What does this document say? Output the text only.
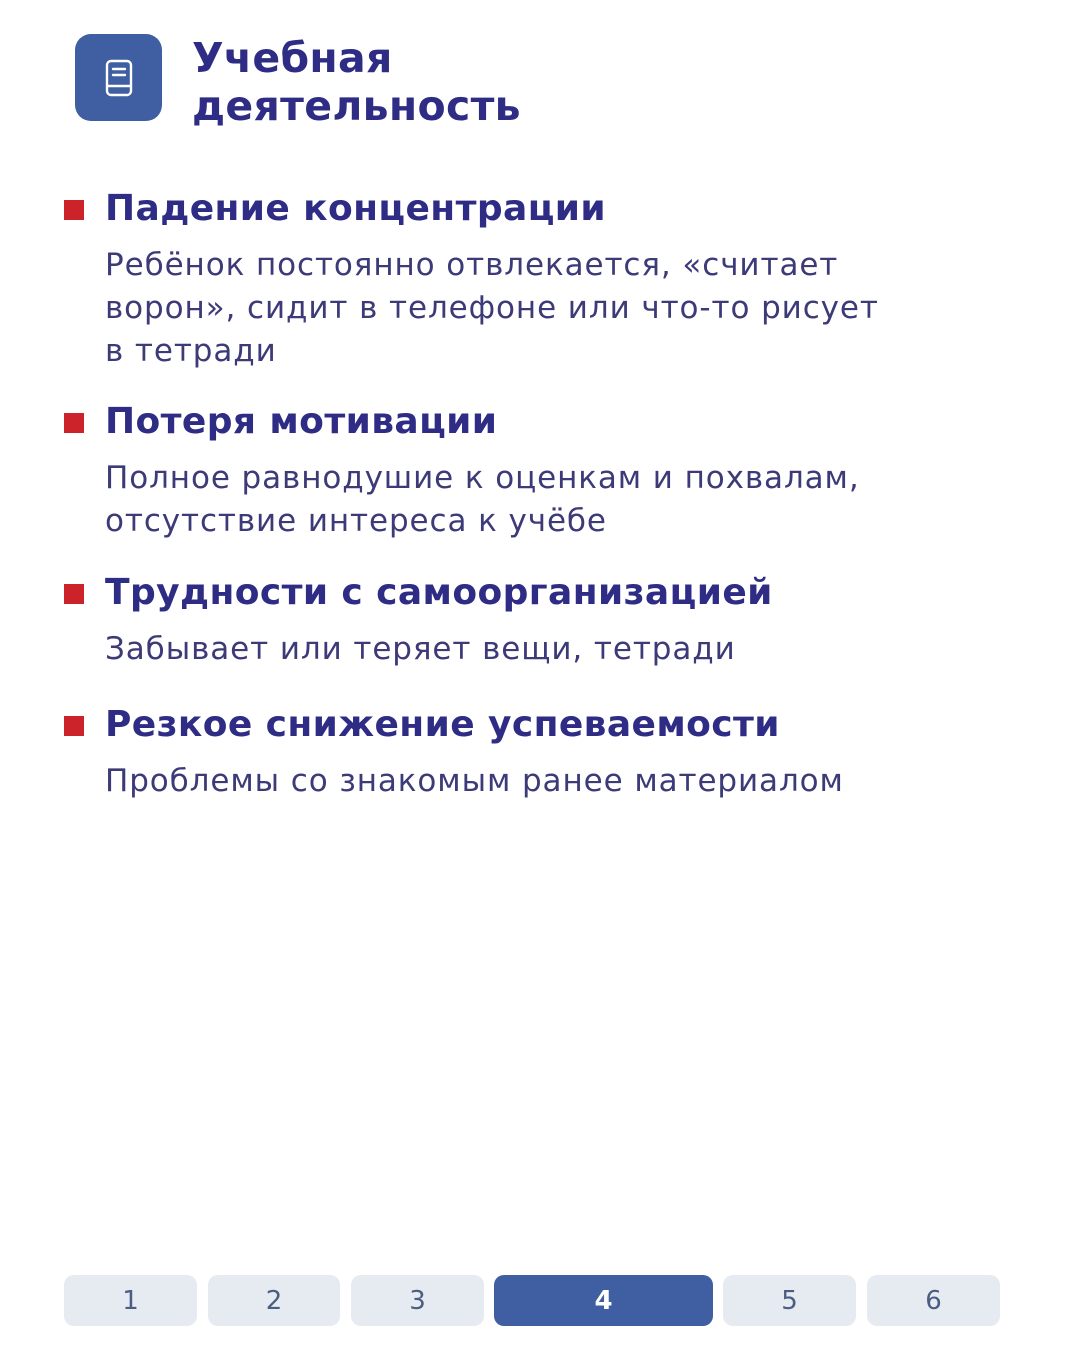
Учебная
деятельность
Падение концентрации
Ребёнок постоянно отвлекается, «считает
ворон», сидит в телефоне или что-то рисует
в тетради
Потеря мотивации
Полное равнодушие к оценкам и похвалам,
отсутствие интереса к учёбе
Трудности с самоорганизацией
Забывает или теряет вещи, тетради
Резкое снижение успеваемости
Проблемы со знакомым ранее материалом
1	2	3	4	5	6
